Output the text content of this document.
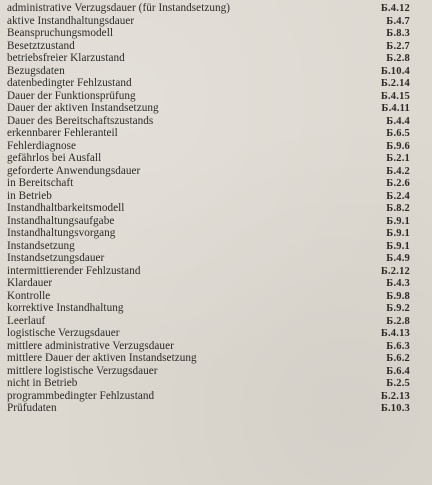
administrative Verzugsdauer (für Instandsetzung)	Б.4.12
aktive Instandhaltungsdauer	Б.4.7
Beanspruchungsmodell	Б.8.3
Besetztzustand	Б.2.7
betriebsfreier Klarzustand	Б.2.8
Bezugsdaten	Б.10.4
datenbedingter Fehlzustand	Б.2.14
Dauer der Funktionsprüfung	Б.4.15
Dauer der aktiven Instandsetzung	Б.4.11
Dauer des Bereitschaftszustands	Б.4.4
erkennbarer Fehleranteil	Б.6.5
Fehlerdiagnose	Б.9.6
gefährlos bei Ausfall	Б.2.1
geforderte Anwendungsdauer	Б.4.2
in Bereitschaft	Б.2.6
in Betrieb	Б.2.4
Instandhaltbarkeitsmodell	Б.8.2
Instandhaltungsaufgabe	Б.9.1
Instandhaltungsvorgang	Б.9.1
Instandsetzung	Б.9.1
Instandsetzungsdauer	Б.4.9
intermittierender Fehlzustand	Б.2.12
Klardauer	Б.4.3
Kontrolle	Б.9.8
korrektive Instandhaltung	Б.9.2
Leerlauf	Б.2.8
logistische Verzugsdauer	Б.4.13
mittlere administrative Verzugsdauer	Б.6.3
mittlere Dauer der aktiven Instandsetzung	Б.6.2
mittlere logistische Verzugsdauer	Б.6.4
nicht in Betrieb	Б.2.5
programmbedingter Fehlzustand	Б.2.13
Prüfudaten	Б.10.3
